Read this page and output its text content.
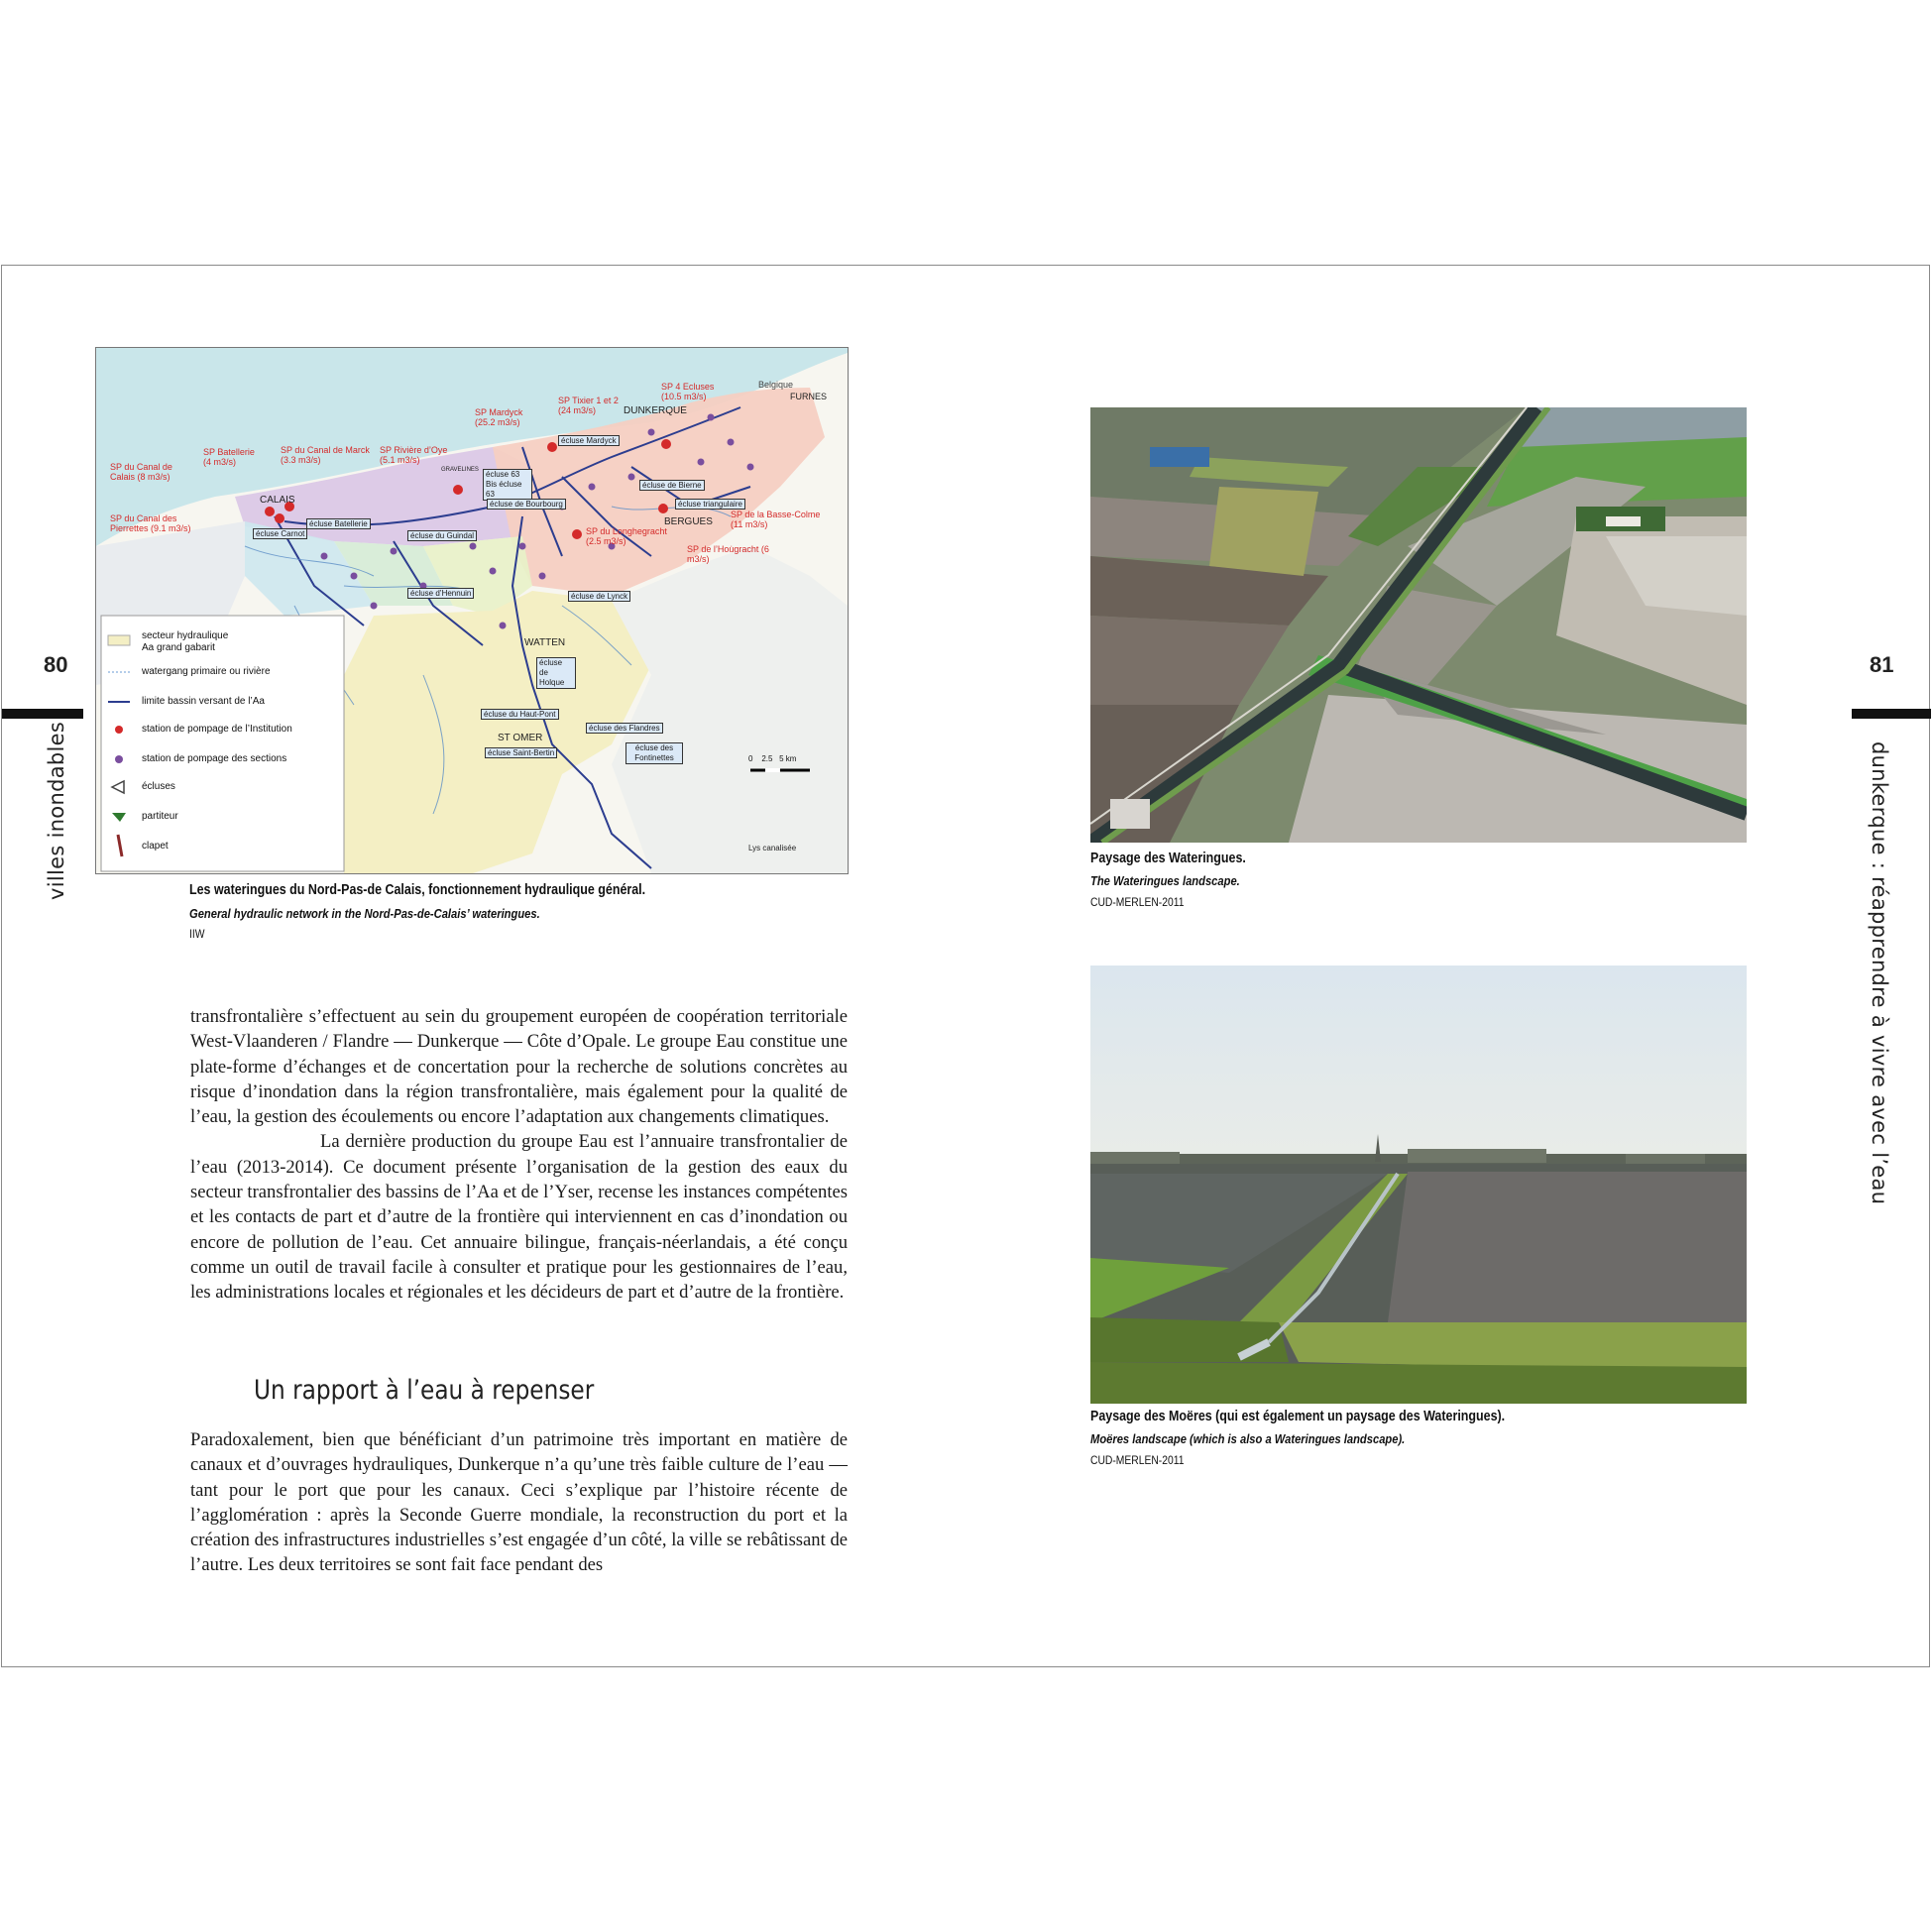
80
villes inondables
SP du Canal de Calais (8 m3/s)
SP du Canal des Pierrettes (9.1 m3/s)
SP Batellerie (4 m3/s)
SP du Canal de Marck (3.3 m3/s)
SP Rivière d’Oye (5.1 m3/s)
SP Mardyck (25.2 m3/s)
SP Tixier 1 et 2 (24 m3/s)
SP 4 Ecluses (10.5 m3/s)
SP de la Basse-Colme (11 m3/s)
SP du Longhegracht (2.5 m3/s)
SP de l’Hou̇gracht (6 m3/s)
CALAIS
DUNKERQUE
BERGUES
WATTEN
ST OMER
FURNES
Belgique
GRAVELINES
écluse Carnot
écluse Batellerie
écluse Mardyck
écluse 63 Bis écluse 63
écluse de Bourbourg
écluse du Guindal
écluse de Bierne
écluse triangulaire
écluse d’Hennuin	écluse de Lynck
écluse de Holque
écluse du Haut-Pont
écluse des Flandres
écluse Saint-Bertin
écluse des Fontinettes
secteur hydraulique
Aa grand gabarit
watergang primaire ou rivière
limite bassin versant de l’Aa
station de pompage de l’Institution
station de pompage des sections
écluses
partiteur
clapet
0    2.5   5 km
Lys canalisée
Les wateringues du Nord-Pas-de Calais, fonctionnement hydraulique général.
General hydraulic network in the Nord-Pas-de-Calais’ wateringues.
IIW

transfrontalière s’effectuent au sein du groupement européen de coopération territoriale West-Vlaanderen / Flandre — Dunkerque — Côte d’Opale. Le groupe Eau constitue une plate-forme d’échanges et de concertation pour la recherche de solutions concrètes au risque d’inondation dans la région transfrontalière, mais également pour la qualité de l’eau, la gestion des écoulements ou encore l’adaptation aux changements climatiques.

La dernière production du groupe Eau est l’annuaire transfrontalier de l’eau (2013-2014). Ce document présente l’organisation de la gestion des eaux du secteur transfrontalier des bassins de l’Aa et de l’Yser, recense les instances compétentes et les contacts de part et d’autre de la frontière qui interviennent en cas d’inondation ou encore de pollution de l’eau. Cet annuaire bilingue, français-néerlandais, a été conçu comme un outil de travail facile à consulter et pratique pour les gestionnaires de l’eau, les administrations locales et régionales et les décideurs de part et d’autre de la frontière.

Un rapport à l’eau à repenser

Paradoxalement, bien que bénéficiant d’un patrimoine très important en matière de canaux et d’ouvrages hydrauliques, Dunkerque n’a qu’une très faible culture de l’eau — tant pour le port que pour les canaux. Ceci s’explique par l’histoire récente de l’agglomération : après la Seconde Guerre mondiale, la reconstruction du port et la création des infrastructures industrielles s’est engagée d’un côté, la ville se rebâtissant de l’autre. Les deux territoires se sont fait face pendant des

81
dunkerque : réapprendre à vivre avec l’eau
Paysage des Wateringues.
The Wateringues landscape.
CUD-MERLEN-2011
Paysage des Moëres (qui est également un paysage des Wateringues).
Moëres landscape (which is also a Wateringues landscape).
CUD-MERLEN-2011
